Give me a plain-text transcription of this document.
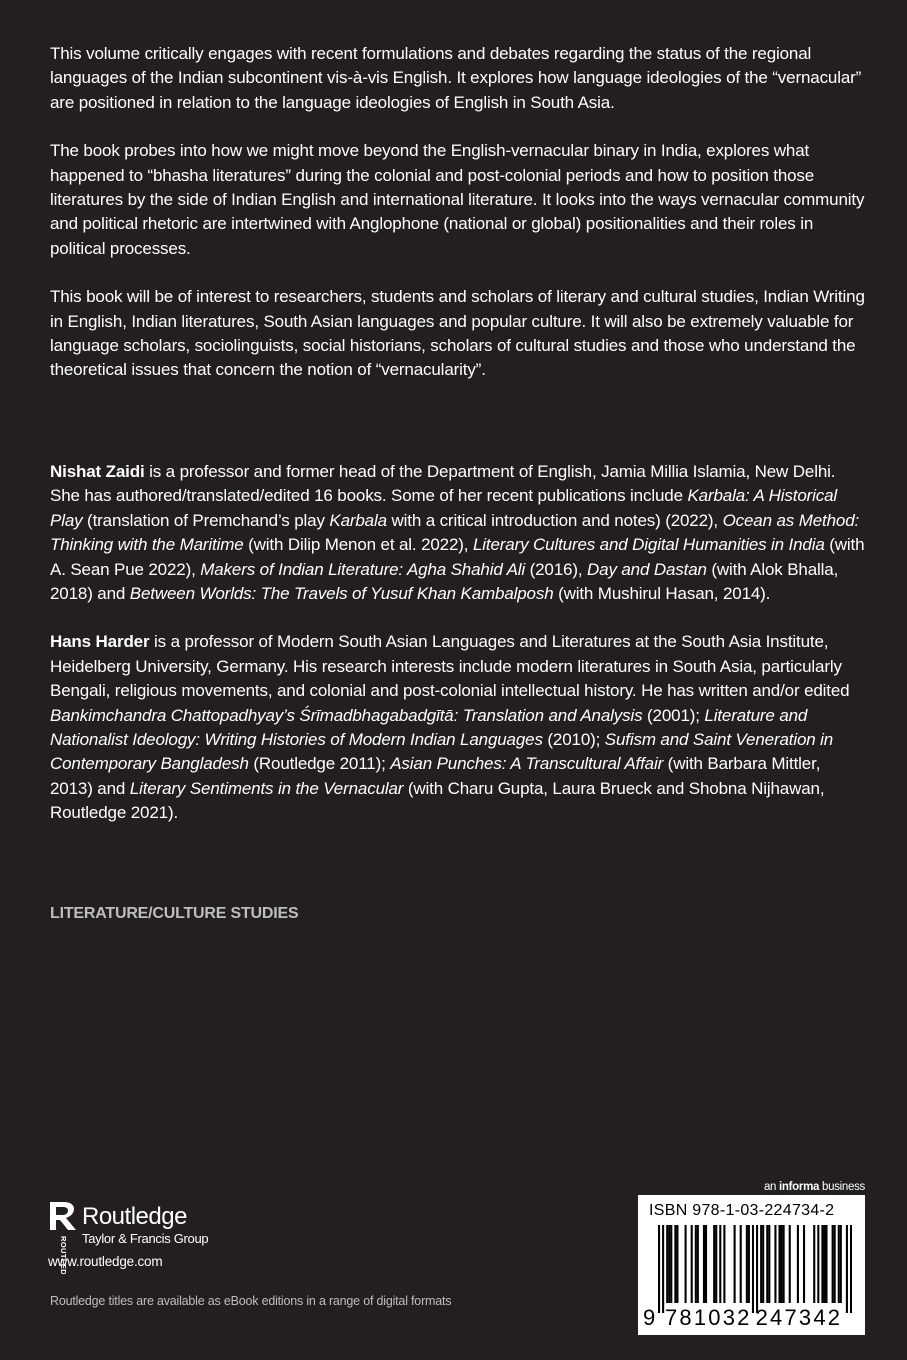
This volume critically engages with recent formulations and debates regarding the status of the regional languages of the Indian subcontinent vis-à-vis English. It explores how language ideologies of the “vernacular” are positioned in relation to the language ideologies of English in South Asia.

The book probes into how we might move beyond the English-vernacular binary in India, explores what happened to “bhasha literatures” during the colonial and post-colonial periods and how to position those literatures by the side of Indian English and international literature. It looks into the ways vernacular community and political rhetoric are intertwined with Anglophone (national or global) positionalities and their roles in political processes.

This book will be of interest to researchers, students and scholars of literary and cultural studies, Indian Writing in English, Indian literatures, South Asian languages and popular culture. It will also be extremely valuable for language scholars, sociolinguists, social historians, scholars of cultural studies and those who understand the theoretical issues that concern the notion of “vernacularity”.

Nishat Zaidi is a professor and former head of the Department of English, Jamia Millia Islamia, New Delhi. She has authored/translated/edited 16 books. Some of her recent publications include Karbala: A Historical Play (translation of Premchand’s play Karbala with a critical introduction and notes) (2022), Ocean as Method: Thinking with the Maritime (with Dilip Menon et al. 2022), Literary Cultures and Digital Humanities in India (with A. Sean Pue 2022), Makers of Indian Literature: Agha Shahid Ali (2016), Day and Dastan (with Alok Bhalla, 2018) and Between Worlds: The Travels of Yusuf Khan Kambalposh (with Mushirul Hasan, 2014).

Hans Harder is a professor of Modern South Asian Languages and Literatures at the South Asia Institute, Heidelberg University, Germany. His research interests include modern literatures in South Asia, particularly Bengali, religious movements, and colonial and post-colonial intellectual history. He has written and/or edited Bankimchandra Chattopadhyay’s Śrīmadbhagabadgītā: Translation and Analysis (2001); Literature and Nationalist Ideology: Writing Histories of Modern Indian Languages (2010); Sufism and Saint Veneration in Contemporary Bangladesh (Routledge 2011); Asian Punches: A Transcultural Affair (with Barbara Mittler, 2013) and Literary Sentiments in the Vernacular (with Charu Gupta, Laura Brueck and Shobna Nijhawan, Routledge 2021).

LITERATURE/CULTURE STUDIES
ROUTLEDGE
Routledge
Taylor & Francis Group
www.routledge.com
Routledge titles are available as eBook editions in a range of digital formats
an informa business
ISBN 978-1-03-224734-2
9 781032 247342
